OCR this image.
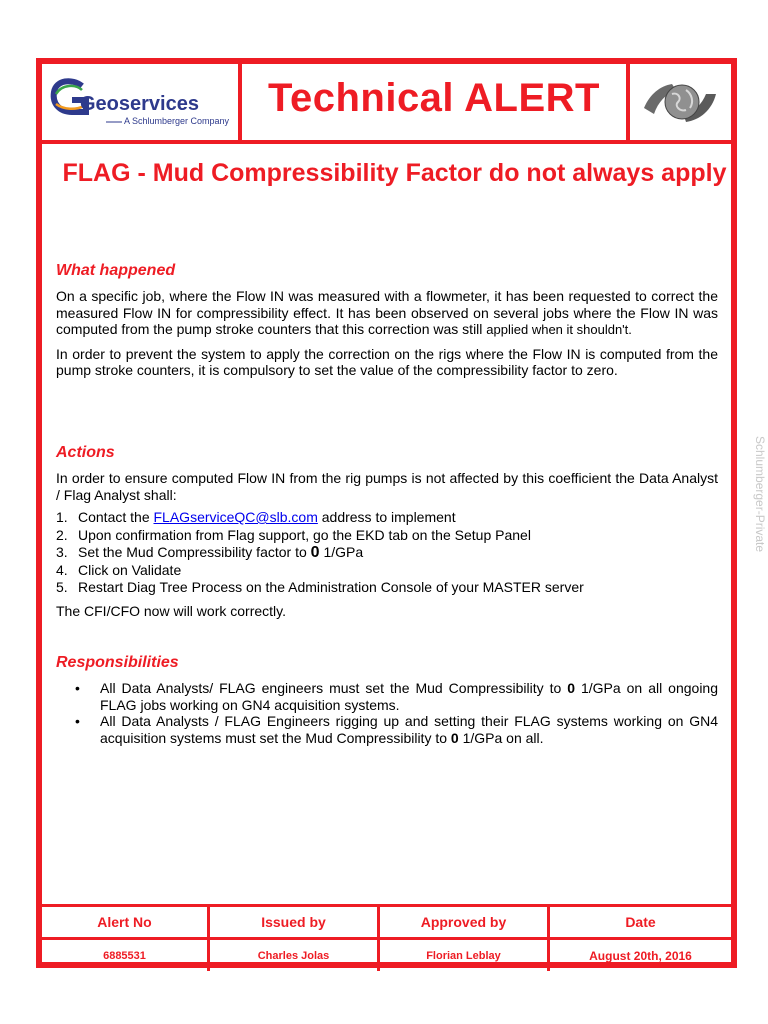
Geoservices
A Schlumberger Company
Technical ALERT
FLAG - Mud Compressibility Factor do not always apply
What happened

On a specific job, where the Flow IN was measured with a flowmeter, it has been requested to correct the measured Flow IN for compressibility effect. It has been observed on several jobs where the Flow IN was computed from the pump stroke counters that this correction was still applied when it shouldn't.

In order to prevent the system to apply the correction on the rigs where the Flow IN is computed from the pump stroke counters, it is compulsory to set the value of the compressibility factor to zero.

Actions

In order to ensure computed Flow IN from the rig pumps is not affected by this coefficient the Data Analyst / Flag Analyst shall:

1. Contact the FLAGserviceQC@slb.com address to implement
2. Upon confirmation from Flag support, go the EKD tab on the Setup Panel
3. Set the Mud Compressibility factor to 0 1/GPa
4. Click on Validate
5. Restart Diag Tree Process on the Administration Console of your MASTER server

The CFI/CFO now will work correctly.

Responsibilities
• All Data Analysts/ FLAG engineers must set the Mud Compressibility to 0 1/GPa on all ongoing FLAG jobs working on GN4 acquisition systems.
• All Data Analysts / FLAG Engineers rigging up and setting their FLAG systems working on GN4 acquisition systems must set the Mud Compressibility to 0 1/GPa on all.
Alert No	Issued by	Approved by	Date
6885531	Charles Jolas	Florian Leblay	August 20th, 2016
Schlumberger-Private
